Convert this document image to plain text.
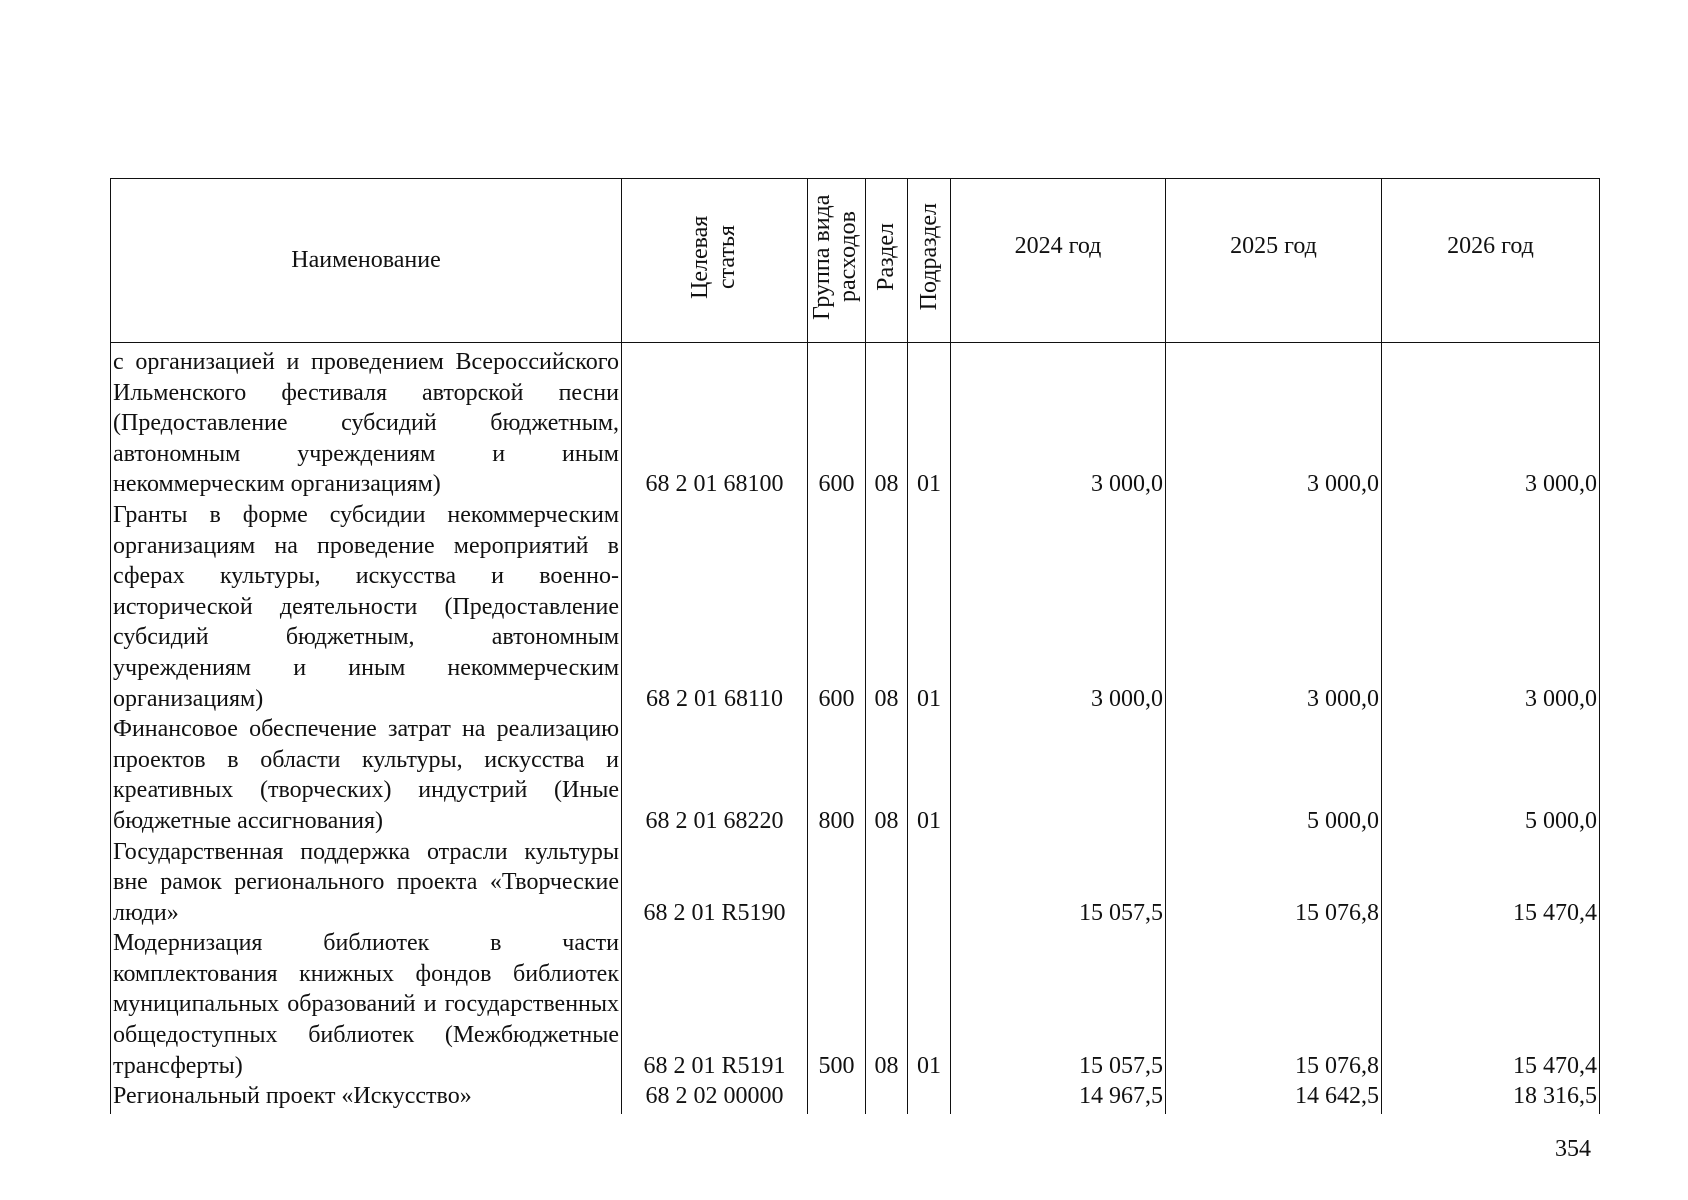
Наименование	Целевая статья	Группа вида расходов	Раздел	Подраздел	2024 год	2025 год	2026 год
с организацией и проведением Всероссийского Ильменского фестиваля авторской песни (Предоставление субсидий бюджетным, автономным учреждениям и иным некоммерческим организациям)	68 2 01 68100	600	08	01	3 000,0	3 000,0	3 000,0
Гранты в форме субсидии некоммерческим организациям на проведение мероприятий в сферах культуры, искусства и военно-исторической деятельности (Предоставление субсидий бюджетным, автономным учреждениям и иным некоммерческим организациям)	68 2 01 68110	600	08	01	3 000,0	3 000,0	3 000,0
Финансовое обеспечение затрат на реализацию проектов в области культуры, искусства и креативных (творческих) индустрий (Иные бюджетные ассигнования)	68 2 01 68220	800	08	01		5 000,0	5 000,0
Государственная поддержка отрасли культуры вне рамок регионального проекта «Творческие люди»	68 2 01 R5190				15 057,5	15 076,8	15 470,4
Модернизация библиотек в части комплектования книжных фондов библиотек муниципальных образований и государственных общедоступных библиотек (Межбюджетные трансферты)	68 2 01 R5191	500	08	01	15 057,5	15 076,8	15 470,4
Региональный проект «Искусство»	68 2 02 00000				14 967,5	14 642,5	18 316,5
354
